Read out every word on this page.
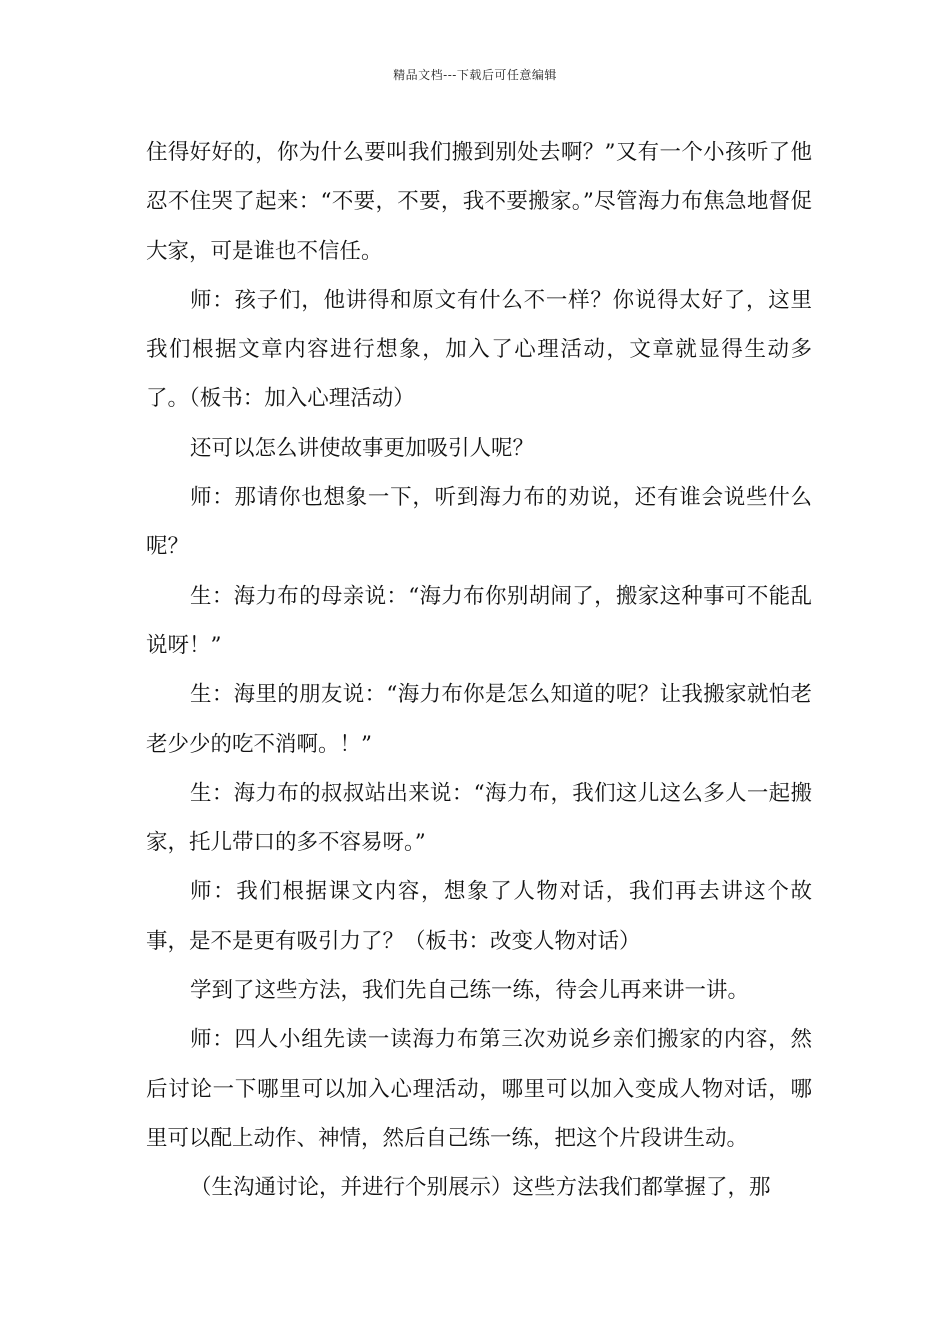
精品文档---下载后可任意编辑

住得好好的，你为什么要叫我们搬到别处去啊？”又有一个小孩听了他忍不住哭了起来：“不要，不要，我不要搬家。”尽管海力布焦急地督促大家，可是谁也不信任。

师：孩子们，他讲得和原文有什么不一样？你说得太好了，这里我们根据文章内容进行想象，加入了心理活动，文章就显得生动多了。（板书：加入心理活动）

还可以怎么讲使故事更加吸引人呢？

师：那请你也想象一下，听到海力布的劝说，还有谁会说些什么呢？

生：海力布的母亲说：“海力布你别胡闹了，搬家这种事可不能乱说呀！”

生：海里的朋友说：“海力布你是怎么知道的呢？让我搬家就怕老老少少的吃不消啊。！”

生：海力布的叔叔站出来说：“海力布，我们这儿这么多人一起搬家，托儿带口的多不容易呀。”

师：我们根据课文内容，想象了人物对话，我们再去讲这个故事，是不是更有吸引力了？（板书：改变人物对话）

学到了这些方法，我们先自己练一练，待会儿再来讲一讲。

师：四人小组先读一读海力布第三次劝说乡亲们搬家的内容，然后讨论一下哪里可以加入心理活动，哪里可以加入变成人物对话，哪里可以配上动作、神情，然后自己练一练，把这个片段讲生动。

（生沟通讨论，并进行个别展示）这些方法我们都掌握了，那
